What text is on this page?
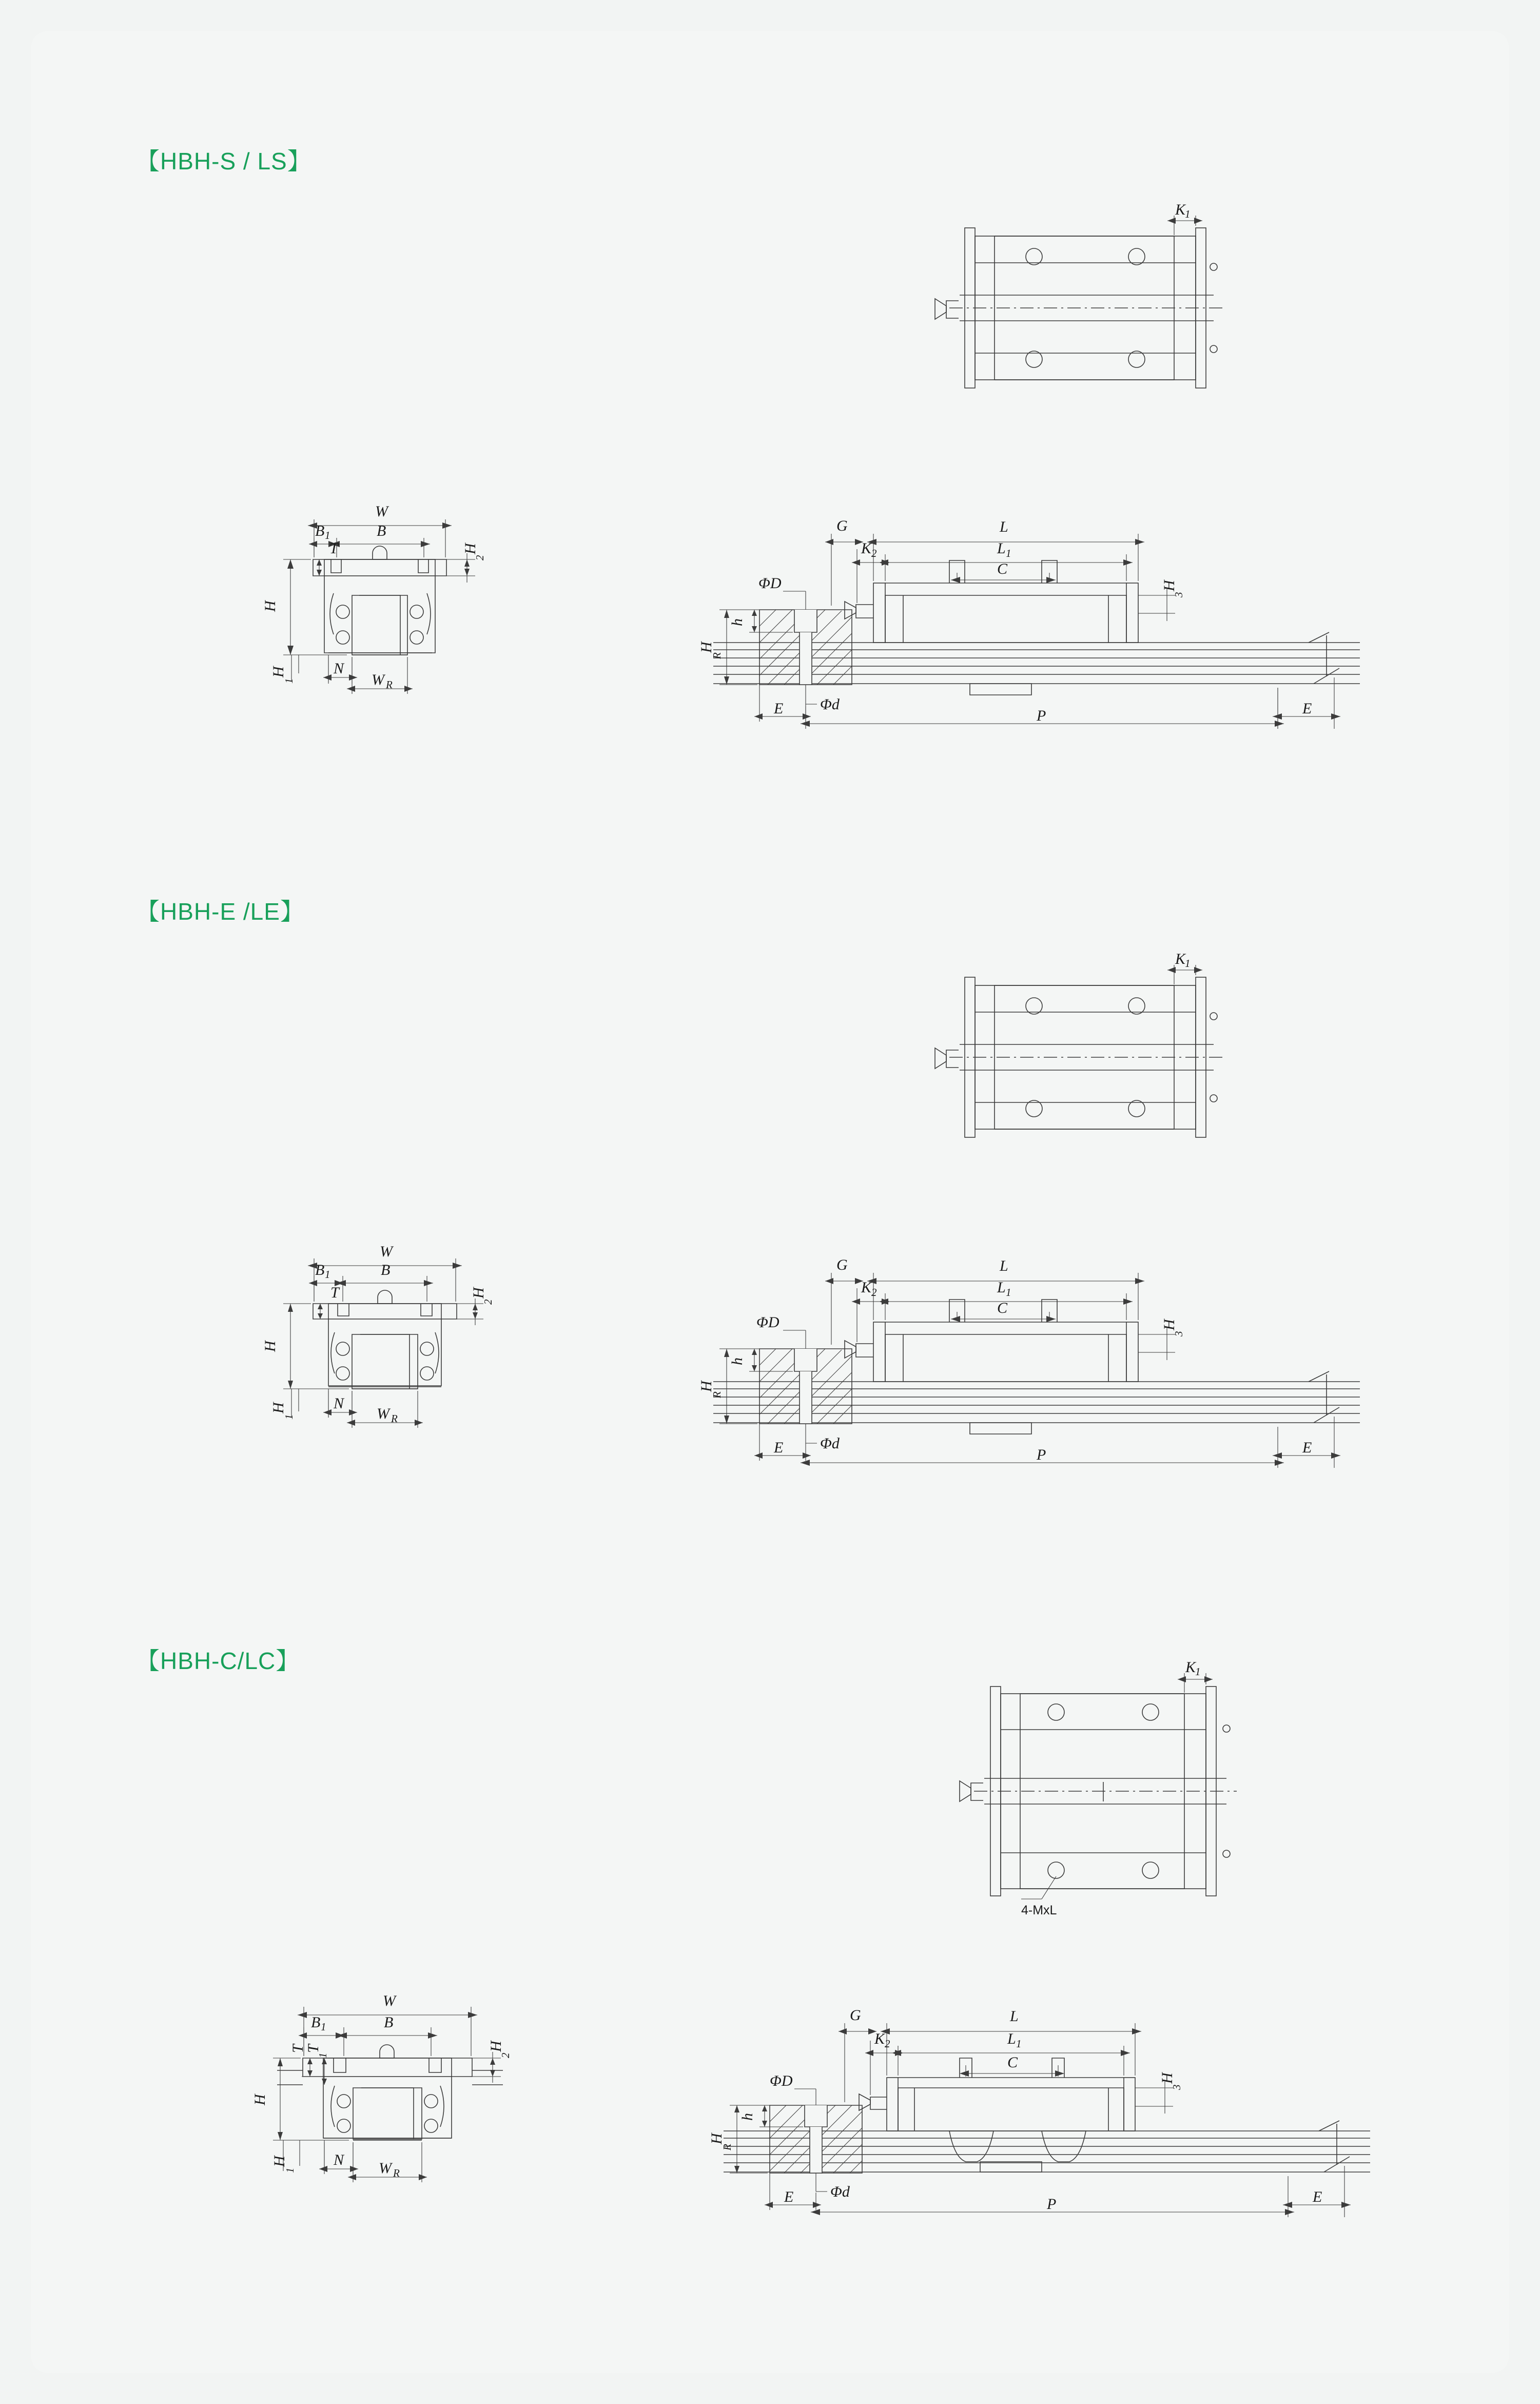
【HBH-S / LS】
K
1
W
B
B 1
T
H
H
1
H
2
N
W R
L
L 1
C
G
K 2
H
R
h
ΦD
Φd
E	P	E
H
3
【HBH-E /LE】
K
1
W
B
B 1
T
H
H
1
H
2
N
W R
L
L 1
C
G
K 2
H
R
h
ΦD
Φd
E	P	E
H
3
【HBH-C/LC】	K
1
4-MxL
W
B
B 1
T
T
1
H
H
1
H
2
N W R
L
L 1
C
G
K 2
H
R
h
ΦD
Φd
E	P	E
H
3
